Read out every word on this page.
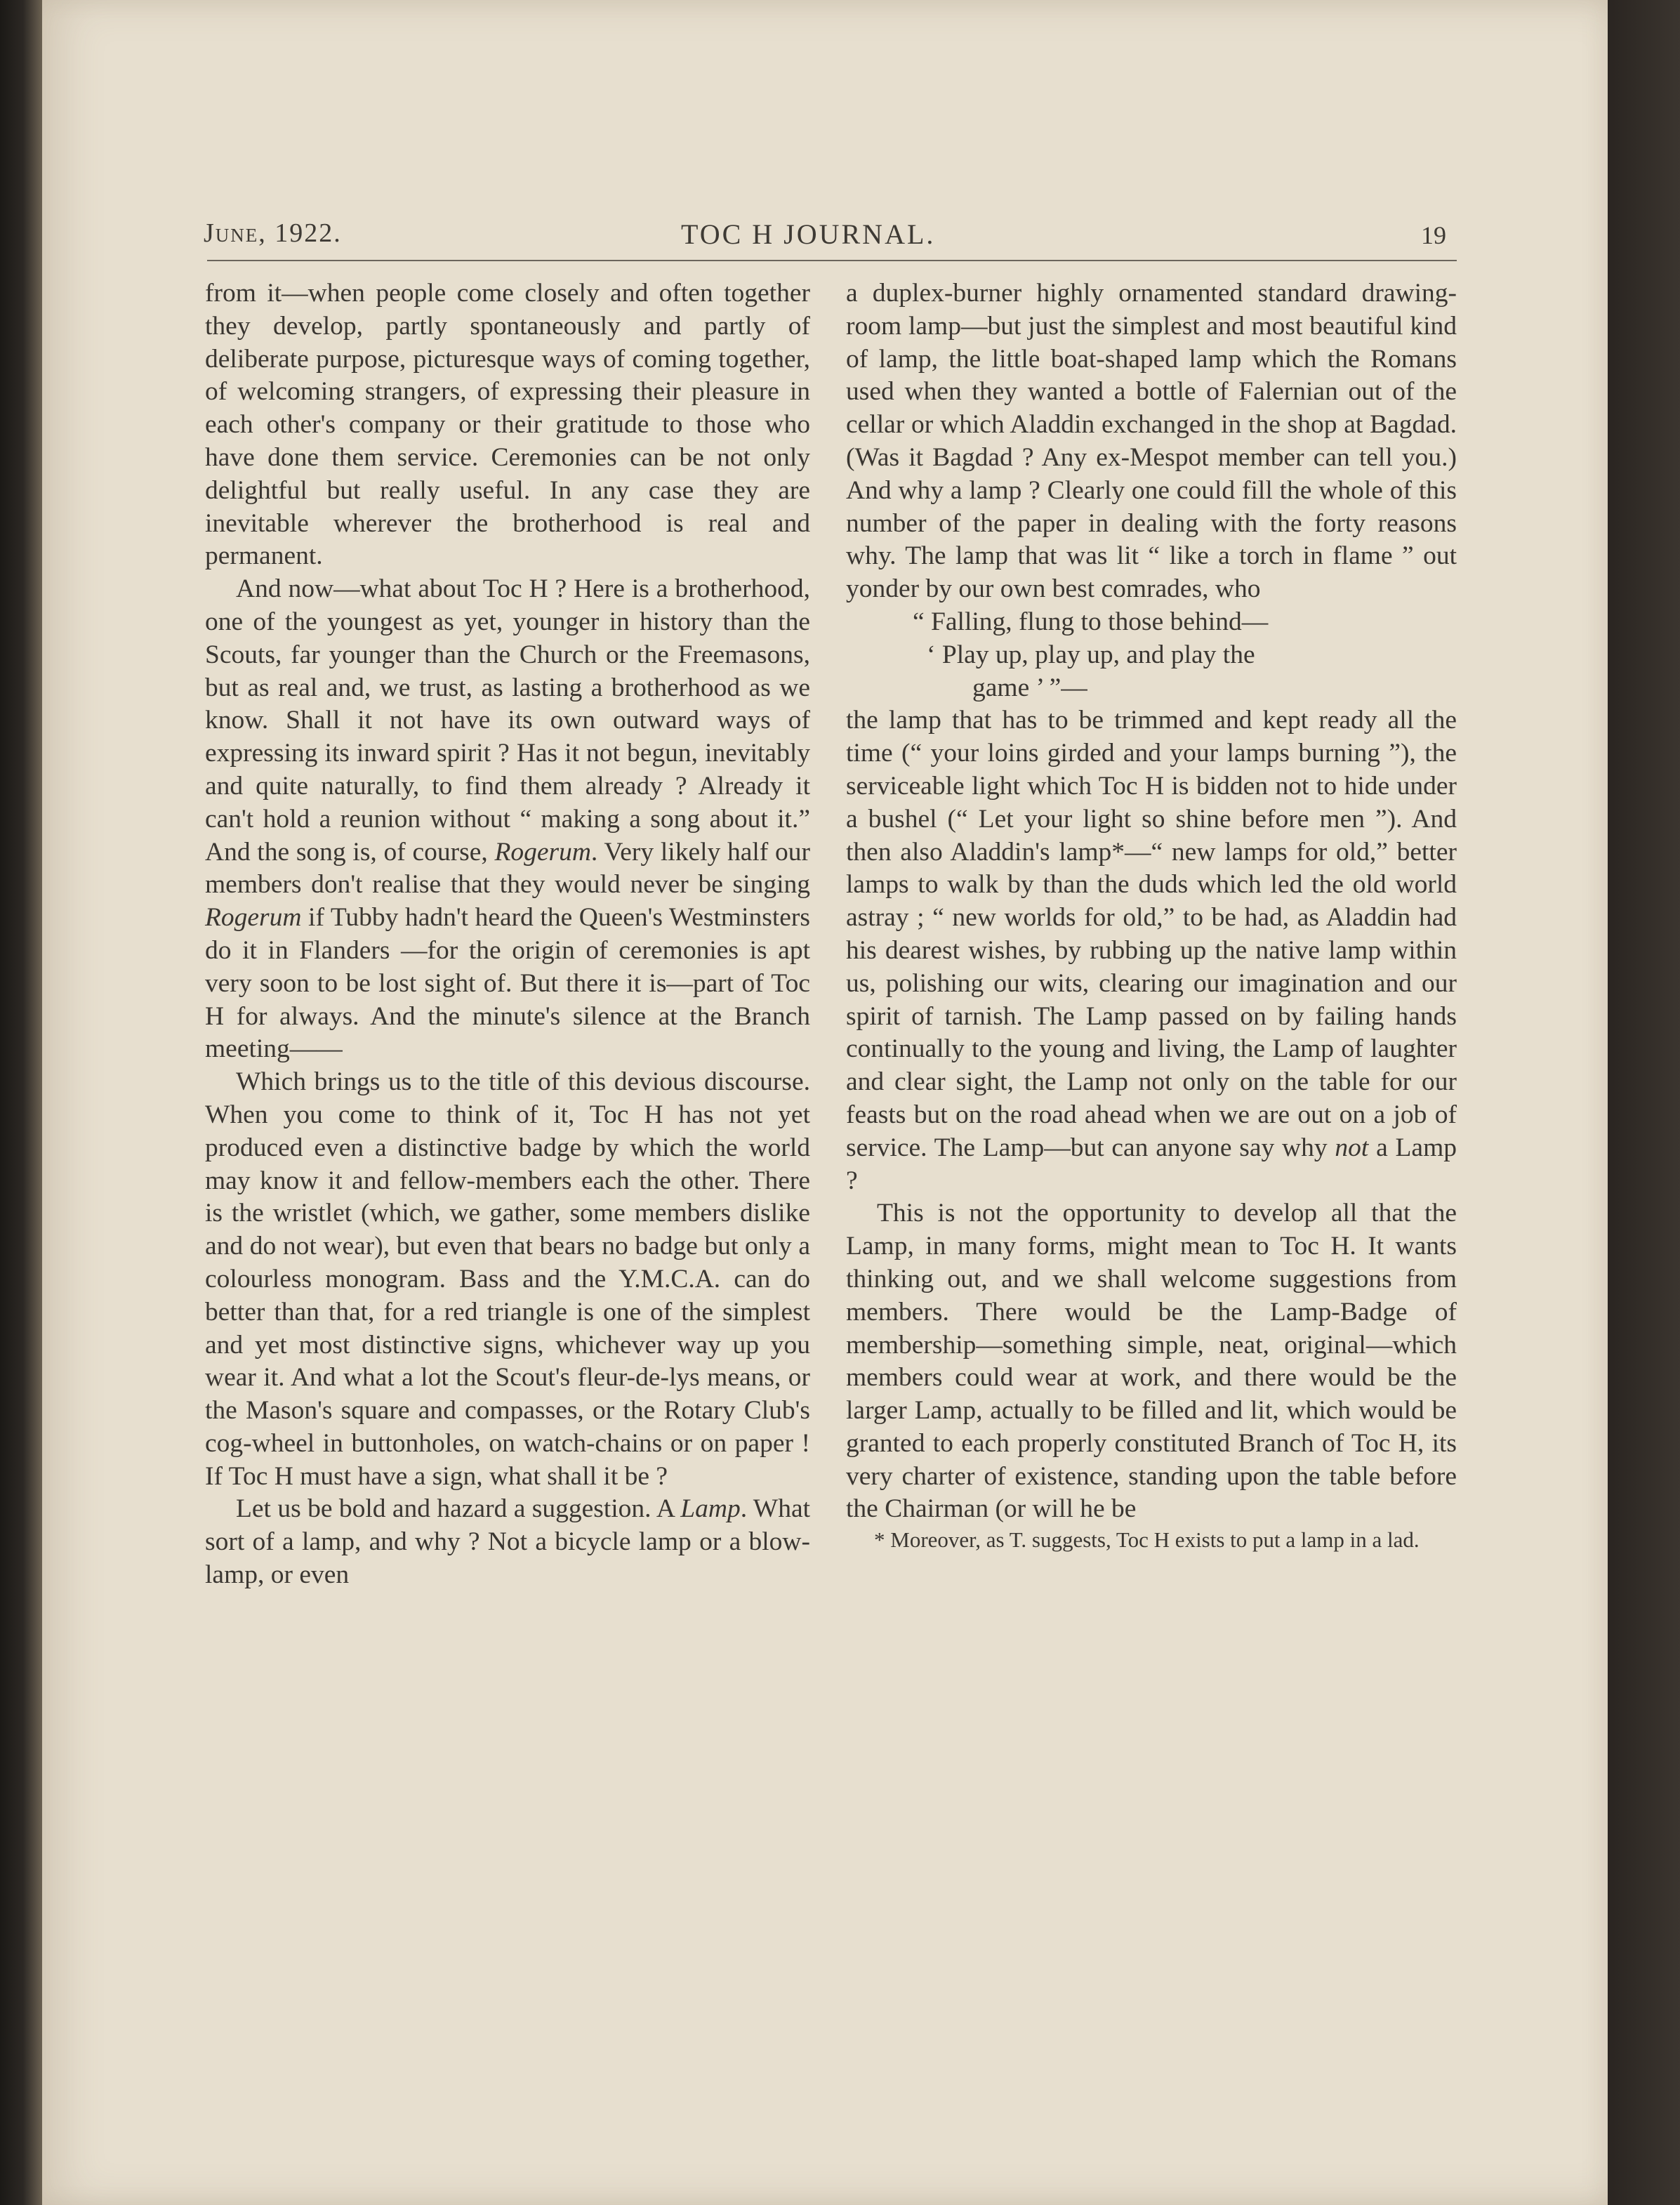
June, 1922.	TOC H JOURNAL.	19

from it—when people come closely and often together they develop, partly spontaneously and partly of deliberate purpose, picturesque ways of coming together, of welcoming strangers, of expressing their pleasure in each other's company or their gratitude to those who have done them service. Ceremonies can be not only delightful but really useful. In any case they are inevitable wherever the brotherhood is real and permanent.

And now—what about Toc H ? Here is a brotherhood, one of the youngest as yet, younger in history than the Scouts, far younger than the Church or the Freemasons, but as real and, we trust, as lasting a brotherhood as we know. Shall it not have its own outward ways of expressing its inward spirit ? Has it not begun, inevitably and quite naturally, to find them already ? Already it can't hold a reunion without “ making a song about it.” And the song is, of course, Rogerum. Very likely half our members don't realise that they would never be singing Rogerum if Tubby hadn't heard the Queen's Westminsters do it in Flanders —for the origin of ceremonies is apt very soon to be lost sight of. But there it is—part of Toc H for always. And the minute's silence at the Branch meeting——

Which brings us to the title of this devious discourse. When you come to think of it, Toc H has not yet produced even a distinctive badge by which the world may know it and fellow-members each the other. There is the wristlet (which, we gather, some members dislike and do not wear), but even that bears no badge but only a colourless monogram. Bass and the Y.M.C.A. can do better than that, for a red triangle is one of the simplest and yet most distinctive signs, whichever way up you wear it. And what a lot the Scout's fleur-de-lys means, or the Mason's square and compasses, or the Rotary Club's cog-wheel in buttonholes, on watch-chains or on paper ! If Toc H must have a sign, what shall it be ?

Let us be bold and hazard a suggestion. A Lamp. What sort of a lamp, and why ? Not a bicycle lamp or a blow-lamp, or even

a duplex-burner highly ornamented standard drawing-room lamp—but just the simplest and most beautiful kind of lamp, the little boat-shaped lamp which the Romans used when they wanted a bottle of Falernian out of the cellar or which Aladdin exchanged in the shop at Bagdad. (Was it Bagdad ? Any ex-Mespot member can tell you.) And why a lamp ? Clearly one could fill the whole of this number of the paper in dealing with the forty reasons why. The lamp that was lit “ like a torch in flame ” out yonder by our own best comrades, who

“ Falling, flung to those behind—
‘ Play up, play up, and play the
game ’ ”—

the lamp that has to be trimmed and kept ready all the time (“ your loins girded and your lamps burning ”), the serviceable light which Toc H is bidden not to hide under a bushel (“ Let your light so shine before men ”). And then also Aladdin's lamp*—“ new lamps for old,” better lamps to walk by than the duds which led the old world astray ; “ new worlds for old,” to be had, as Aladdin had his dearest wishes, by rubbing up the native lamp within us, polishing our wits, clearing our imagination and our spirit of tarnish. The Lamp passed on by failing hands continually to the young and living, the Lamp of laughter and clear sight, the Lamp not only on the table for our feasts but on the road ahead when we are out on a job of service. The Lamp—but can anyone say why not a Lamp ?

This is not the opportunity to develop all that the Lamp, in many forms, might mean to Toc H. It wants thinking out, and we shall welcome suggestions from members. There would be the Lamp-Badge of membership—something simple, neat, original—which members could wear at work, and there would be the larger Lamp, actually to be filled and lit, which would be granted to each properly constituted Branch of Toc H, its very charter of existence, standing upon the table before the Chairman (or will he be

* Moreover, as T. suggests, Toc H exists to put a lamp in a lad.
